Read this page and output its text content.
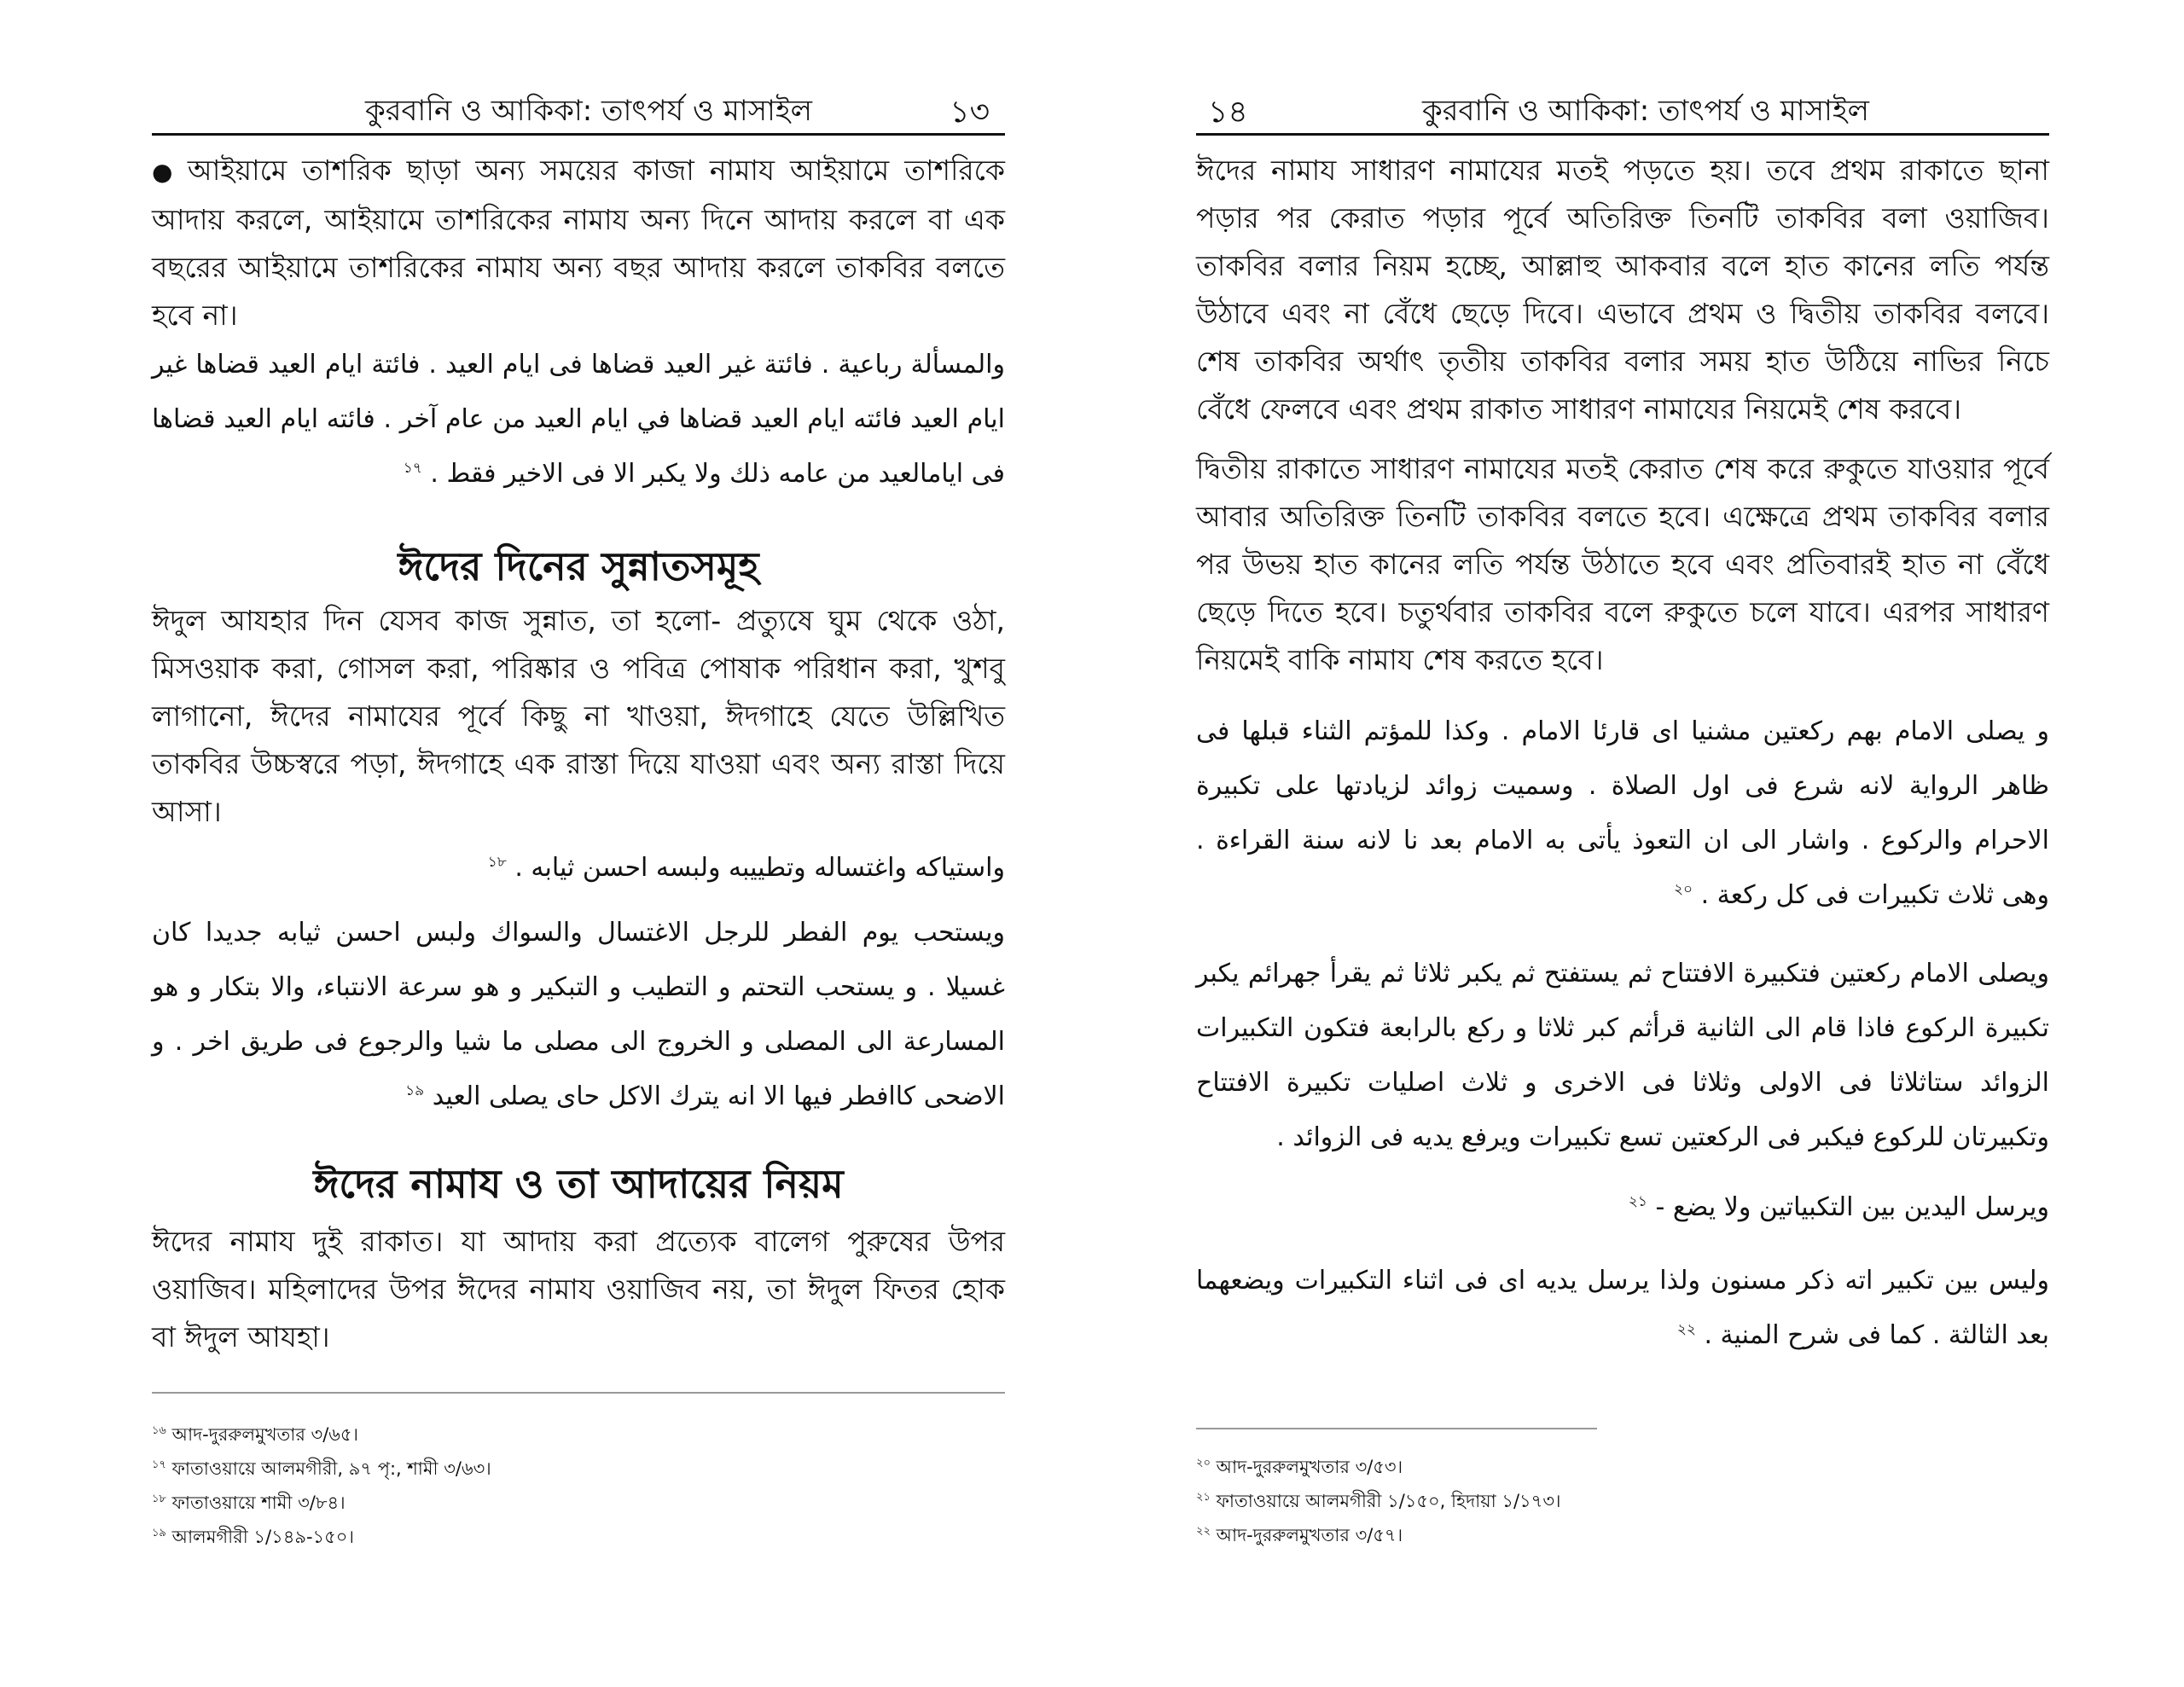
কুরবানি ও আকিকা: তাৎপর্য ও মাসাইল	১৩
● আইয়ামে তাশরিক ছাড়া অন্য সময়ের কাজা নামায আইয়ামে তাশরিকে আদায় করলে, আইয়ামে তাশরিকের নামায অন্য দিনে আদায় করলে বা এক বছরের আইয়ামে তাশরিকের নামায অন্য বছর আদায় করলে তাকবির বলতে হবে না।
والمسألة رباعية . فائتة غير العيد قضاها فى ايام العيد . فائتة ايام العيد قضاها غير ايام العيد فائته ايام العيد قضاها في ايام العيد من عام آخر . فائته ايام العيد قضاها فى ايامالعيد من عامه ذلك ولا يكبر الا فى الاخير فقط . $^{১৭}$
ঈদের দিনের সুন্নাতসমূহ
ঈদুল আযহার দিন যেসব কাজ সুন্নাত, তা হলো- প্রত্যুষে ঘুম থেকে ওঠা, মিসওয়াক করা, গোসল করা, পরিষ্কার ও পবিত্র পোষাক পরিধান করা, খুশবু লাগানো, ঈদের নামাযের পূর্বে কিছু না খাওয়া, ঈদগাহে যেতে উল্লিখিত তাকবির উচ্চস্বরে পড়া, ঈদগাহে এক রাস্তা দিয়ে যাওয়া এবং অন্য রাস্তা দিয়ে আসা।
واستياكه واغتساله وتطييبه ولبسه احسن ثيابه . $^{১৮}$
ويستحب يوم الفطر للرجل الاغتسال والسواك ولبس احسن ثيابه جديدا كان غسيلا . و يستحب التحتم و التطيب و التبكير و هو سرعة الانتباء، والا بتكار و هو المسارعة الى المصلى و الخروج الى مصلى ما شيا والرجوع فى طريق اخر . و الاضحى كاافطر فيها الا انه يترك الاكل حاى يصلى العيد $^{১৯}$
ঈদের নামায ও তা আদায়ের নিয়ম
ঈদের নামায দুই রাকাত। যা আদায় করা প্রত্যেক বালেগ পুরুষের উপর ওয়াজিব। মহিলাদের উপর ঈদের নামায ওয়াজিব নয়, তা ঈদুল ফিতর হোক বা ঈদুল আযহা।
$^{১৬}$ আদ-দুররুলমুখতার ৩/৬৫।
$^{১৭}$ ফাতাওয়ায়ে আলমগীরী, ৯৭ পৃ:, শামী ৩/৬৩।
$^{১৮}$ ফাতাওয়ায়ে শামী ৩/৮৪।
$^{১৯}$ আলমগীরী ১/১৪৯-১৫০।
১৪	কুরবানি ও আকিকা: তাৎপর্য ও মাসাইল
ঈদের নামায সাধারণ নামাযের মতই পড়তে হয়। তবে প্রথম রাকাতে ছানা পড়ার পর কেরাত পড়ার পূর্বে অতিরিক্ত তিনটি তাকবির বলা ওয়াজিব। তাকবির বলার নিয়ম হচ্ছে, আল্লাহু আকবার বলে হাত কানের লতি পর্যন্ত উঠাবে এবং না বেঁধে ছেড়ে দিবে। এভাবে প্রথম ও দ্বিতীয় তাকবির বলবে। শেষ তাকবির অর্থাৎ তৃতীয় তাকবির বলার সময় হাত উঠিয়ে নাভির নিচে বেঁধে ফেলবে এবং প্রথম রাকাত সাধারণ নামাযের নিয়মেই শেষ করবে।
দ্বিতীয় রাকাতে সাধারণ নামাযের মতই কেরাত শেষ করে রুকুতে যাওয়ার পূর্বে আবার অতিরিক্ত তিনটি তাকবির বলতে হবে। এক্ষেত্রে প্রথম তাকবির বলার পর উভয় হাত কানের লতি পর্যন্ত উঠাতে হবে এবং প্রতিবারই হাত না বেঁধে ছেড়ে দিতে হবে। চতুর্থবার তাকবির বলে রুকুতে চলে যাবে। এরপর সাধারণ নিয়মেই বাকি নামায শেষ করতে হবে।
و يصلى الامام بهم ركعتين مشنيا اى قارئا الامام . وكذا للمؤتم الثناء قبلها فى ظاهر الرواية لانه شرع فى اول الصلاة . وسميت زوائد لزيادتها على تكبيرة الاحرام والركوع . واشار الى ان التعوذ يأتى به الامام بعد نا لانه سنة القراءة . وهى ثلاث تكبيرات فى كل ركعة . $^{২০}$
ويصلى الامام ركعتين فتكبيرة الافتتاح ثم يستفتح ثم يكبر ثلاثا ثم يقرأ جهرائم يكبر تكبيرة الركوع فاذا قام الى الثانية قرأثم كبر ثلاثا و ركع بالرابعة فتكون التكبيرات الزوائد ستاثلاثا فى الاولى وثلاثا فى الاخرى و ثلاث اصليات تكبيرة الافتتاح وتكبيرتان للركوع فيكبر فى الركعتين تسع تكبيرات ويرفع يديه فى الزوائد .
ويرسل اليدين بين التكبياتين ولا يضع - $^{২১}$
وليس بين تكبير اته ذكر مسنون ولذا يرسل يديه اى فى اثناء التكبيرات ويضعهما بعد الثالثة . كما فى شرح المنية . $^{২২}$
$^{২০}$ আদ-দুররুলমুখতার ৩/৫৩।
$^{২১}$ ফাতাওয়ায়ে আলমগীরী ১/১৫০, হিদায়া ১/১৭৩।
$^{২২}$ আদ-দুররুলমুখতার ৩/৫৭।
